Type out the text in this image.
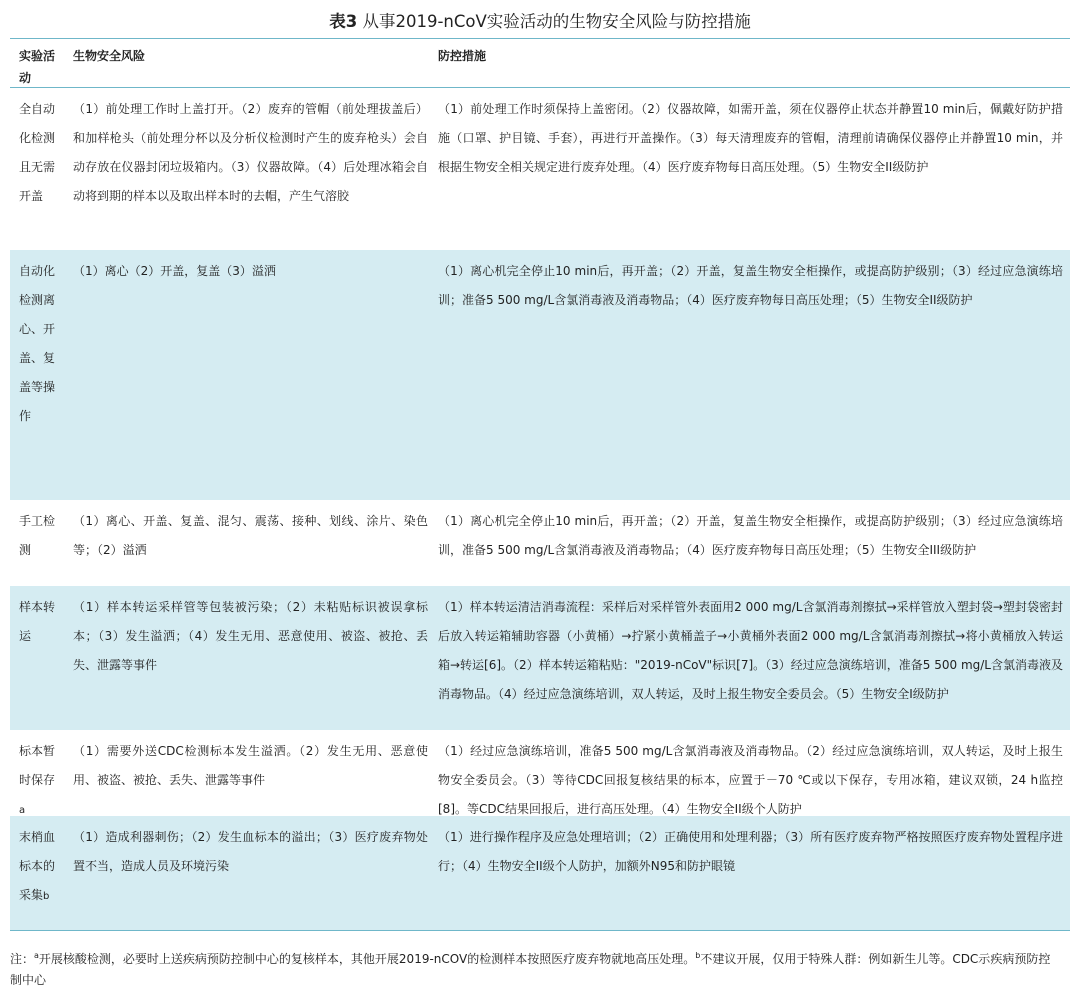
表3 从事2019-nCoV实验活动的生物安全风险与防控措施
实验活动
生物安全风险	防控措施
全自动化检测且无需开盖
（1）前处理工作时上盖打开。（2）废弃的管帽（前处理拔盖后）和加样枪头（前处理分杯以及分析仪检测时产生的废弃枪头）会自动存放在仪器封闭垃圾箱内。（3）仪器故障。（4）后处理冰箱会自动将到期的样本以及取出样本时的去帽，产生气溶胶
（1）前处理工作时须保持上盖密闭。（2）仪器故障，如需开盖，须在仪器停止状态并静置10 min后，佩戴好防护措施（口罩、护目镜、手套），再进行开盖操作。（3）每天清理废弃的管帽，清理前请确保仪器停止并静置10 min，并根据生物安全相关规定进行废弃处理。（4）医疗废弃物每日高压处理。（5）生物安全II级防护
自动化检测离心、开盖、复盖等操作
（1）离心（2）开盖，复盖（3）溢洒	（1）离心机完全停止10 min后，再开盖；（2）开盖，复盖生物安全柜操作，或提高防护级别；（3）经过应急演练培训；准备5 500 mg/L含氯消毒液及消毒物品；（4）医疗废弃物每日高压处理；（5）生物安全II级防护
手工检测
（1）离心、开盖、复盖、混匀、震荡、接种、划线、涂片、染色等；（2）溢洒
（1）离心机完全停止10 min后，再开盖；（2）开盖，复盖生物安全柜操作，或提高防护级别；（3）经过应急演练培训，准备5 500 mg/L含氯消毒液及消毒物品；（4）医疗废弃物每日高压处理；（5）生物安全III级防护
样本转运
（1）样本转运采样管等包装被污染；（2）未粘贴标识被误拿标本；（3）发生溢洒；（4）发生无用、恶意使用、被盗、被抢、丢失、泄露等事件
（1）样本转运清洁消毒流程：采样后对采样管外表面用2 000 mg/L含氯消毒剂擦拭→采样管放入塑封袋→塑封袋密封后放入转运箱辅助容器（小黄桶）→拧紧小黄桶盖子→小黄桶外表面2 000 mg/L含氯消毒剂擦拭→将小黄桶放入转运箱→转运[6]。（2）样本转运箱粘贴："2019-nCoV"标识[7]。（3）经过应急演练培训，准备5 500 mg/L含氯消毒液及消毒物品。（4）经过应急演练培训，双人转运，及时上报生物安全委员会。（5）生物安全I级防护
标本暂时保存a
（1）需要外送CDC检测标本发生溢洒。（2）发生无用、恶意使用、被盗、被抢、丢失、泄露等事件
（1）经过应急演练培训，准备5 500 mg/L含氯消毒液及消毒物品。（2）经过应急演练培训，双人转运，及时上报生物安全委员会。（3）等待CDC回报复核结果的标本，应置于－70 ℃或以下保存，专用冰箱，建议双锁，24 h监控[8]。等CDC结果回报后，进行高压处理。（4）生物安全II级个人防护
末梢血标本的采集b
（1）造成利器刺伤；（2）发生血标本的溢出；（3）医疗废弃物处置不当，造成人员及环境污染
（1）进行操作程序及应急处理培训；（2）正确使用和处理利器；（3）所有医疗废弃物严格按照医疗废弃物处置程序进行；（4）生物安全II级个人防护，加额外N95和防护眼镜
注：$^a$开展核酸检测，必要时上送疾病预防控制中心的复核样本，其他开展2019-nCOV的检测样本按照医疗废弃物就地高压处理。$^b$不建议开展，仅用于特殊人群：例如新生儿等。CDC示疾病预防控制中心
